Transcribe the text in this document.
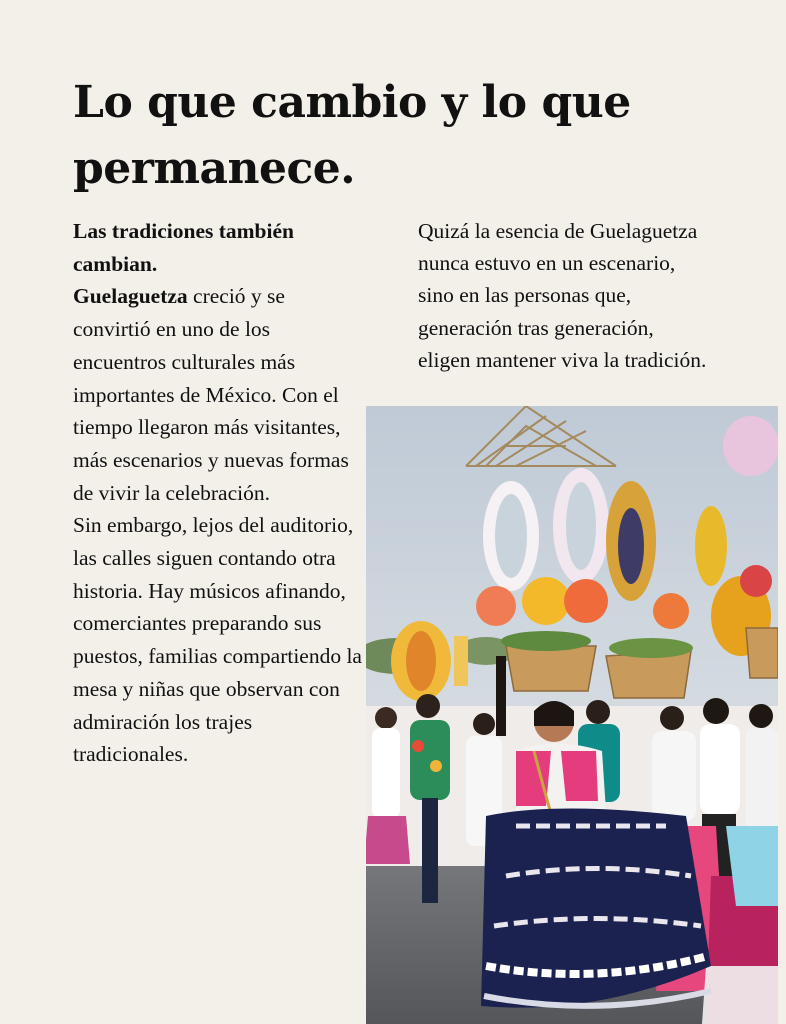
Lo que cambio y lo que permanece.

Las tradiciones también cambian.

Guelaguetza creció y se convirtió en uno de los encuentros culturales más importantes de México. Con el tiempo llegaron más visitantes, más escenarios y nuevas formas de vivir la celebración.

Sin embargo, lejos del auditorio, las calles siguen contando otra historia. Hay músicos afinando, comerciantes preparando sus puestos, familias compartiendo la mesa y niñas que observan con admiración los trajes tradicionales.

Quizá la esencia de Guelaguetza nunca estuvo en un escenario, sino en las personas que, generación tras generación, eligen mantener viva la tradición.
